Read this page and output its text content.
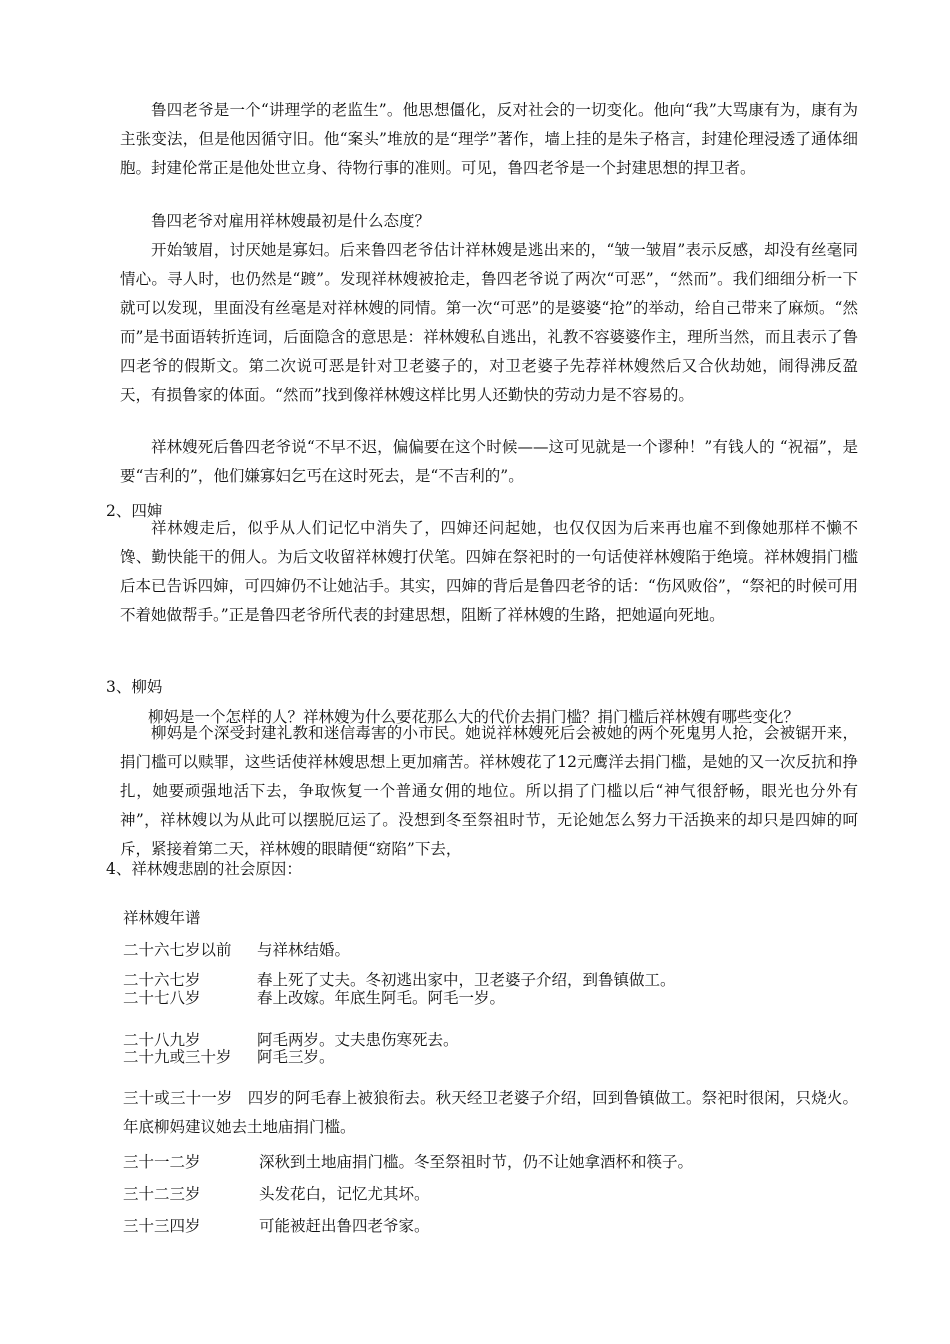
鲁四老爷是一个“讲理学的老监生”。他思想僵化，反对社会的一切变化。他向“我”大骂康有为，康有为主张变法，但是他因循守旧。他“案头”堆放的是“理学”著作，墙上挂的是朱子格言，封建伦理浸透了通体细胞。封建伦常正是他处世立身、待物行事的准则。可见，鲁四老爷是一个封建思想的捍卫者。

鲁四老爷对雇用祥林嫂最初是什么态度？

开始皱眉，讨厌她是寡妇。后来鲁四老爷估计祥林嫂是逃出来的，“皱一皱眉”表示反感，却没有丝毫同情心。寻人时，也仍然是“踱”。发现祥林嫂被抢走，鲁四老爷说了两次“可恶”，“然而”。我们细细分析一下就可以发现，里面没有丝毫是对祥林嫂的同情。第一次“可恶”的是婆婆“抢”的举动，给自己带来了麻烦。“然而”是书面语转折连词，后面隐含的意思是：祥林嫂私自逃出，礼教不容婆婆作主，理所当然，而且表示了鲁四老爷的假斯文。第二次说可恶是针对卫老婆子的，对卫老婆子先荐祥林嫂然后又合伙劫她，闹得沸反盈天，有损鲁家的体面。“然而”找到像祥林嫂这样比男人还勤快的劳动力是不容易的。

祥林嫂死后鲁四老爷说“不早不迟，偏偏要在这个时候——这可见就是一个谬种！”有钱人的 “祝福”，是要“吉利的”，他们嫌寡妇乞丐在这时死去，是“不吉利的”。

2、四婶

祥林嫂走后，似乎从人们记忆中消失了，四婶还问起她，也仅仅因为后来再也雇不到像她那样不懒不馋、勤快能干的佣人。为后文收留祥林嫂打伏笔。四婶在祭祀时的一句话使祥林嫂陷于绝境。祥林嫂捐门槛后本已告诉四婶，可四婶仍不让她沾手。其实，四婶的背后是鲁四老爷的话：“伤风败俗”，“祭祀的时候可用不着她做帮手。”正是鲁四老爷所代表的封建思想，阻断了祥林嫂的生路，把她逼向死地。

3、柳妈

柳妈是一个怎样的人？祥林嫂为什么要花那么大的代价去捐门槛？捐门槛后祥林嫂有哪些变化？

柳妈是个深受封建礼教和迷信毒害的小市民。她说祥林嫂死后会被她的两个死鬼男人抢，会被锯开来，捐门槛可以赎罪，这些话使祥林嫂思想上更加痛苦。祥林嫂花了12元鹰洋去捐门槛，是她的又一次反抗和挣扎，她要顽强地活下去，争取恢复一个普通女佣的地位。所以捐了门槛以后“神气很舒畅，眼光也分外有神”，祥林嫂以为从此可以摆脱厄运了。没想到冬至祭祖时节，无论她怎么努力干活换来的却只是四婶的呵斥，紧接着第二天，祥林嫂的眼睛便“窈陷”下去，

4、祥林嫂悲剧的社会原因：

祥林嫂年谱

二十六七岁以前 与祥林结婚。

二十六七岁	春上死了丈夫。冬初逃出家中，卫老婆子介绍，到鲁镇做工。

二十七八岁	春上改嫁。年底生阿毛。阿毛一岁。

二十八九岁	阿毛两岁。丈夫患伤寒死去。

二十九或三十岁 阿毛三岁。

三十或三十一岁 四岁的阿毛春上被狼衔去。秋天经卫老婆子介绍，回到鲁镇做工。祭祀时很闲，只烧火。年底柳妈建议她去土地庙捐门槛。

三十一二岁	深秋到土地庙捐门槛。冬至祭祖时节，仍不让她拿酒杯和筷子。

三十二三岁	头发花白，记忆尤其坏。

三十三四岁	可能被赶出鲁四老爷家。
